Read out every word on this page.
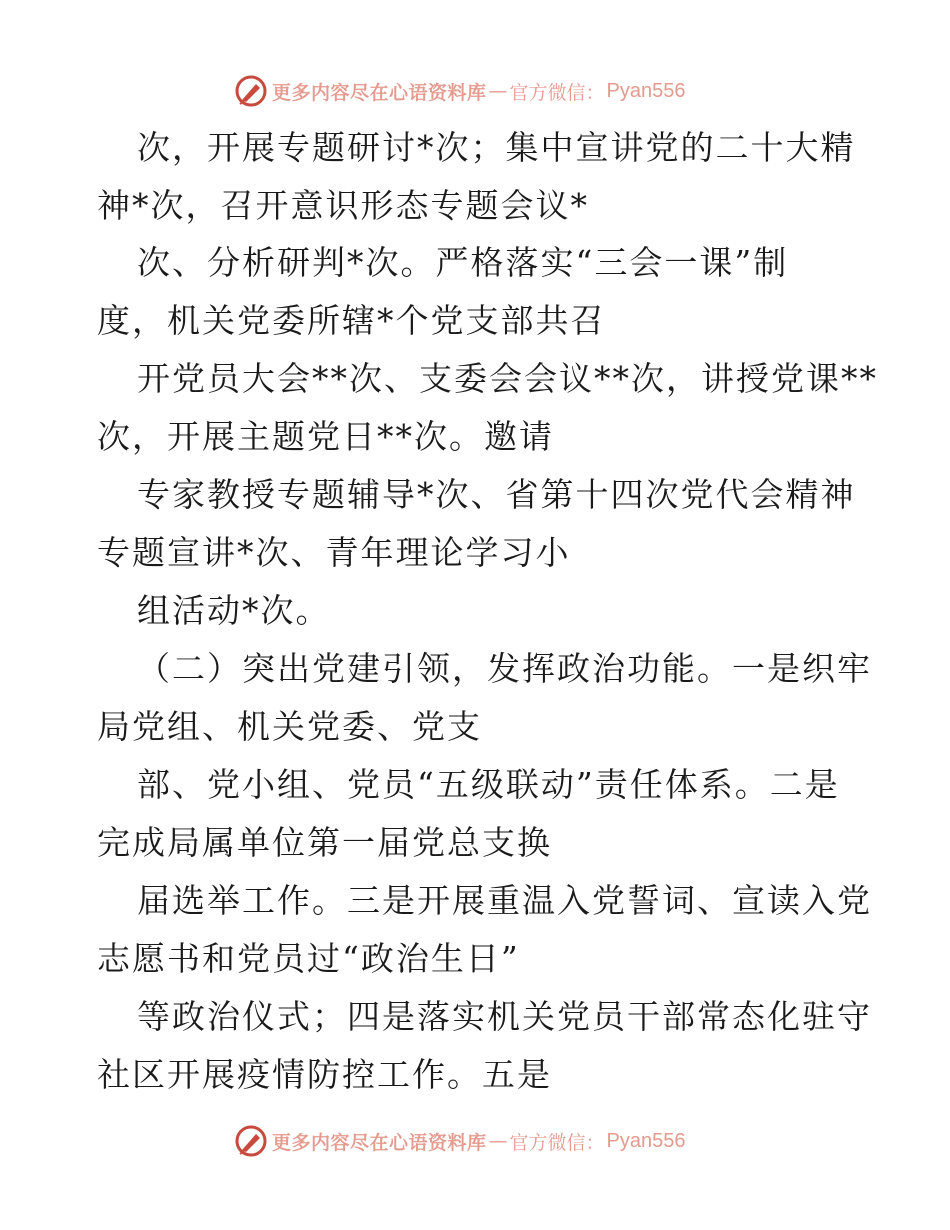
更多内容尽在心语资料库 — 官方微信： Pyan556
次，开展专题研讨*次；集中宣讲党的二十大精
神*次，召开意识形态专题会议*
次、分析研判*次。严格落实“三会一课”制
度，机关党委所辖*个党支部共召
开党员大会**次、支委会会议**次，讲授党课**
次，开展主题党日**次。邀请
专家教授专题辅导*次、省第十四次党代会精神
专题宣讲*次、青年理论学习小
组活动*次。
（二）突出党建引领，发挥政治功能。一是织牢
局党组、机关党委、党支
部、党小组、党员“五级联动”责任体系。二是
完成局属单位第一届党总支换
届选举工作。三是开展重温入党誓词、宣读入党
志愿书和党员过“政治生日”
等政治仪式；四是落实机关党员干部常态化驻守
社区开展疫情防控工作。五是
更多内容尽在心语资料库 — 官方微信： Pyan556
